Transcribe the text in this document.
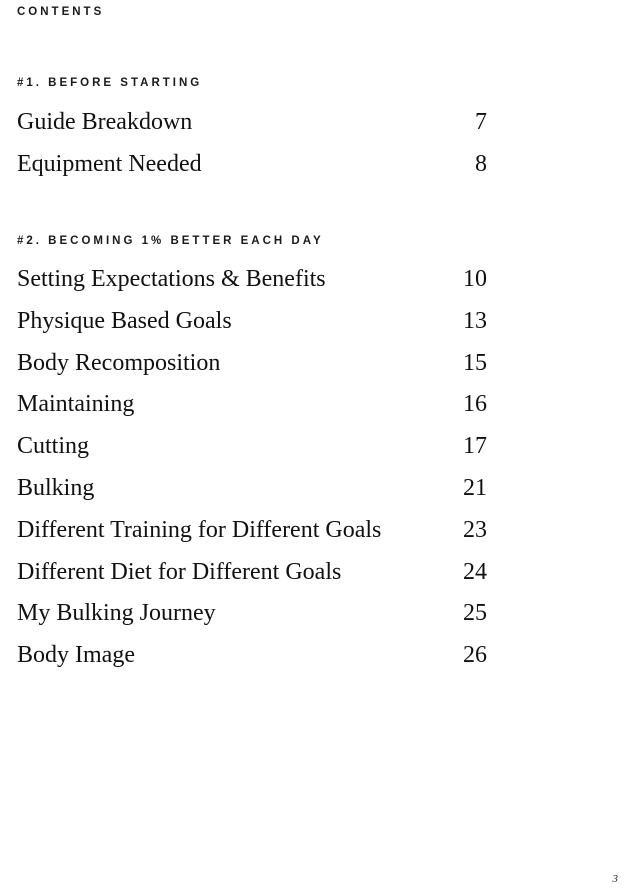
CONTENTS
#1. BEFORE STARTING
Guide Breakdown	7
Equipment Needed	8
#2. BECOMING 1% BETTER EACH DAY
Setting Expectations & Benefits	10
Physique Based Goals	13
Body Recomposition	15
Maintaining	16
Cutting	17
Bulking	21
Different Training for Different Goals	23
Different Diet for Different Goals	24
My Bulking Journey	25
Body Image	26
3
